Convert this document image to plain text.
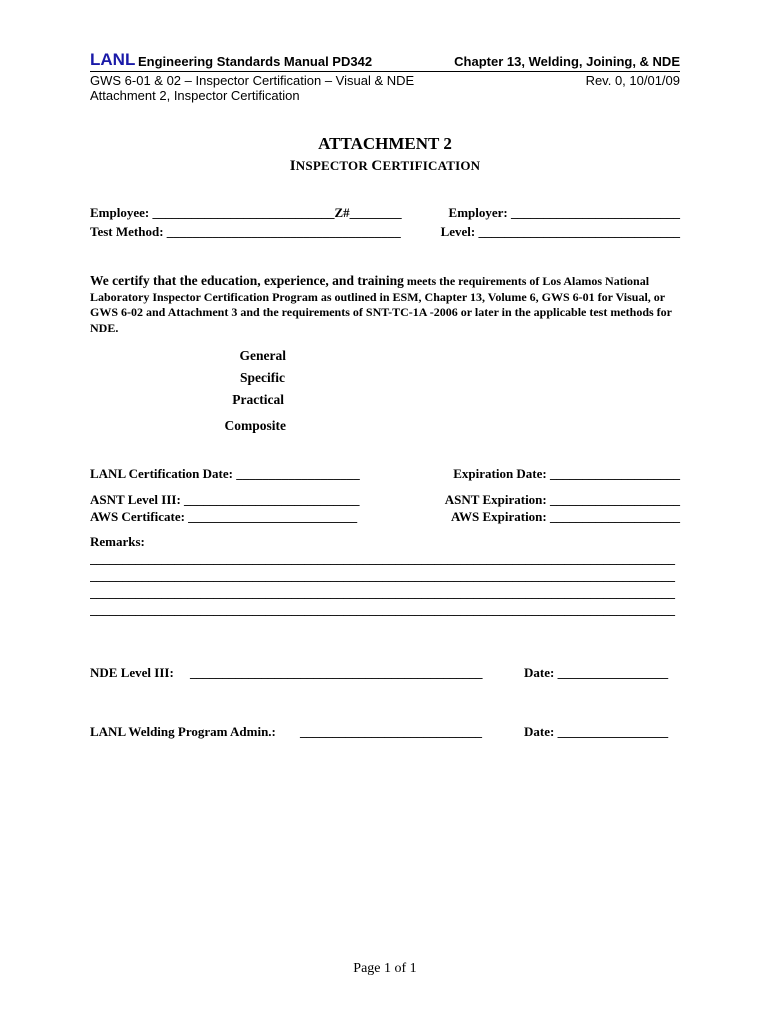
LANL Engineering Standards Manual PD342	Chapter 13, Welding, Joining, & NDE
GWS 6-01 & 02 – Inspector Certification – Visual & NDE	Rev. 0, 10/01/09
Attachment 2, Inspector Certification
ATTACHMENT 2
INSPECTOR CERTIFICATION
Employee: ____________________________Z#________	Employer: __________________________
Test Method: ____________________________________	Level: _______________________________
We certify that the education, experience, and training meets the requirements of Los Alamos National Laboratory Inspector Certification Program as outlined in ESM, Chapter 13, Volume 6, GWS 6-01 for Visual, or GWS 6-02 and Attachment 3 and the requirements of SNT-TC-1A -2006 or later in the applicable test methods for NDE.
General
Specific
Practical
Composite
LANL Certification Date: ___________________	Expiration Date: ____________________
ASNT Level III: ___________________________	ASNT Expiration: ____________________
AWS Certificate: __________________________	AWS Expiration: ____________________
Remarks:
__________________________________________________________________________________________
__________________________________________________________________________________________
__________________________________________________________________________________________
__________________________________________________________________________________________
NDE Level III: _____________________________________________	Date: _________________
LANL Welding Program Admin.: ____________________________	Date: _________________
Page 1 of 1
